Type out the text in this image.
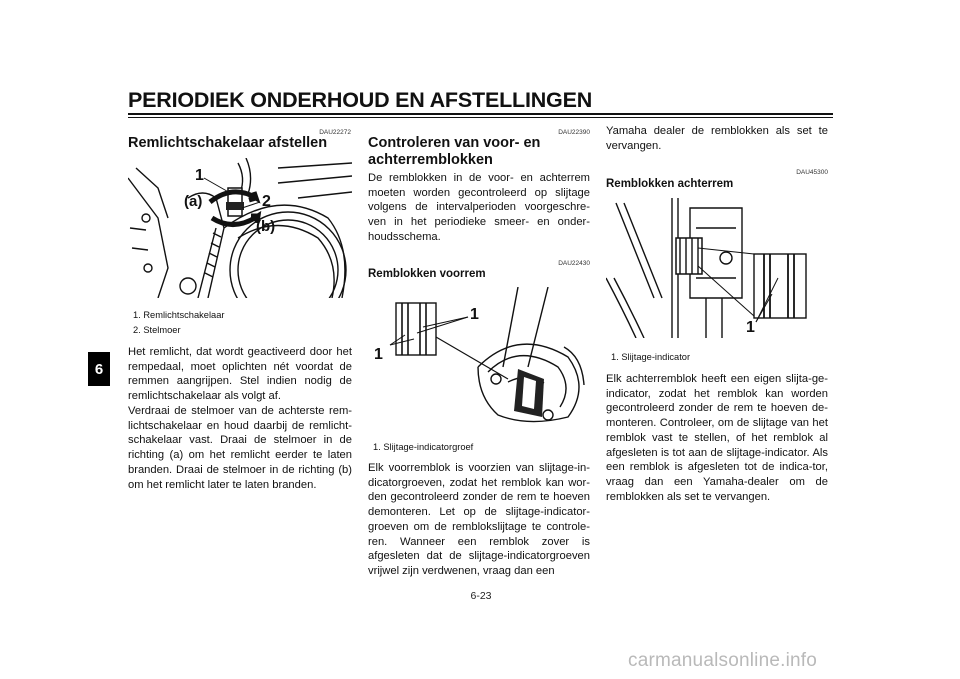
PERIODIEK ONDERHOUD EN AFSTELLINGEN
6
DAU22272
Remlichtschakelaar afstellen
1
2
(a)
(b)
1. Remlichtschakelaar
2. Stelmoer
Het remlicht, dat wordt geactiveerd door het rempedaal, moet oplichten nét voordat de remmen aangrijpen. Stel indien nodig de remlichtschakelaar als volgt af.
Verdraai de stelmoer van de achterste rem-lichtschakelaar en houd daarbij de remlicht-schakelaar vast. Draai de stelmoer in de richting (a) om het remlicht eerder te laten branden. Draai de stelmoer in de richting (b) om het remlicht later te laten branden.
DAU22390
Controleren van voor- en achterremblokken
De remblokken in de voor- en achterrem moeten worden gecontroleerd op slijtage volgens de intervalperioden voorgeschre-ven in het periodieke smeer- en onder-houdsschema.
DAU22430
Remblokken voorrem
1
1
1. Slijtage-indicatorgroef
Elk voorremblok is voorzien van slijtage-in-dicatorgroeven, zodat het remblok kan wor-den gecontroleerd zonder de rem te hoeven demonteren. Let op de slijtage-indicator-groeven om de remblokslijtage te controle-ren. Wanneer een remblok zover is afgesleten dat de slijtage-indicatorgroeven vrijwel zijn verdwenen, vraag dan een
Yamaha dealer de remblokken als set te vervangen.
DAU45300
Remblokken achterrem
1
1. Slijtage-indicator
Elk achterremblok heeft een eigen slijta-ge-indicator, zodat het remblok kan worden gecontroleerd zonder de rem te hoeven de-monteren. Controleer, om de slijtage van het remblok vast te stellen, of het remblok al afgesleten is tot aan de slijtage-indicator. Als een remblok is afgesleten tot de indica-tor, vraag dan een Yamaha-dealer om de remblokken als set te vervangen.
6-23
carmanualsonline.info
